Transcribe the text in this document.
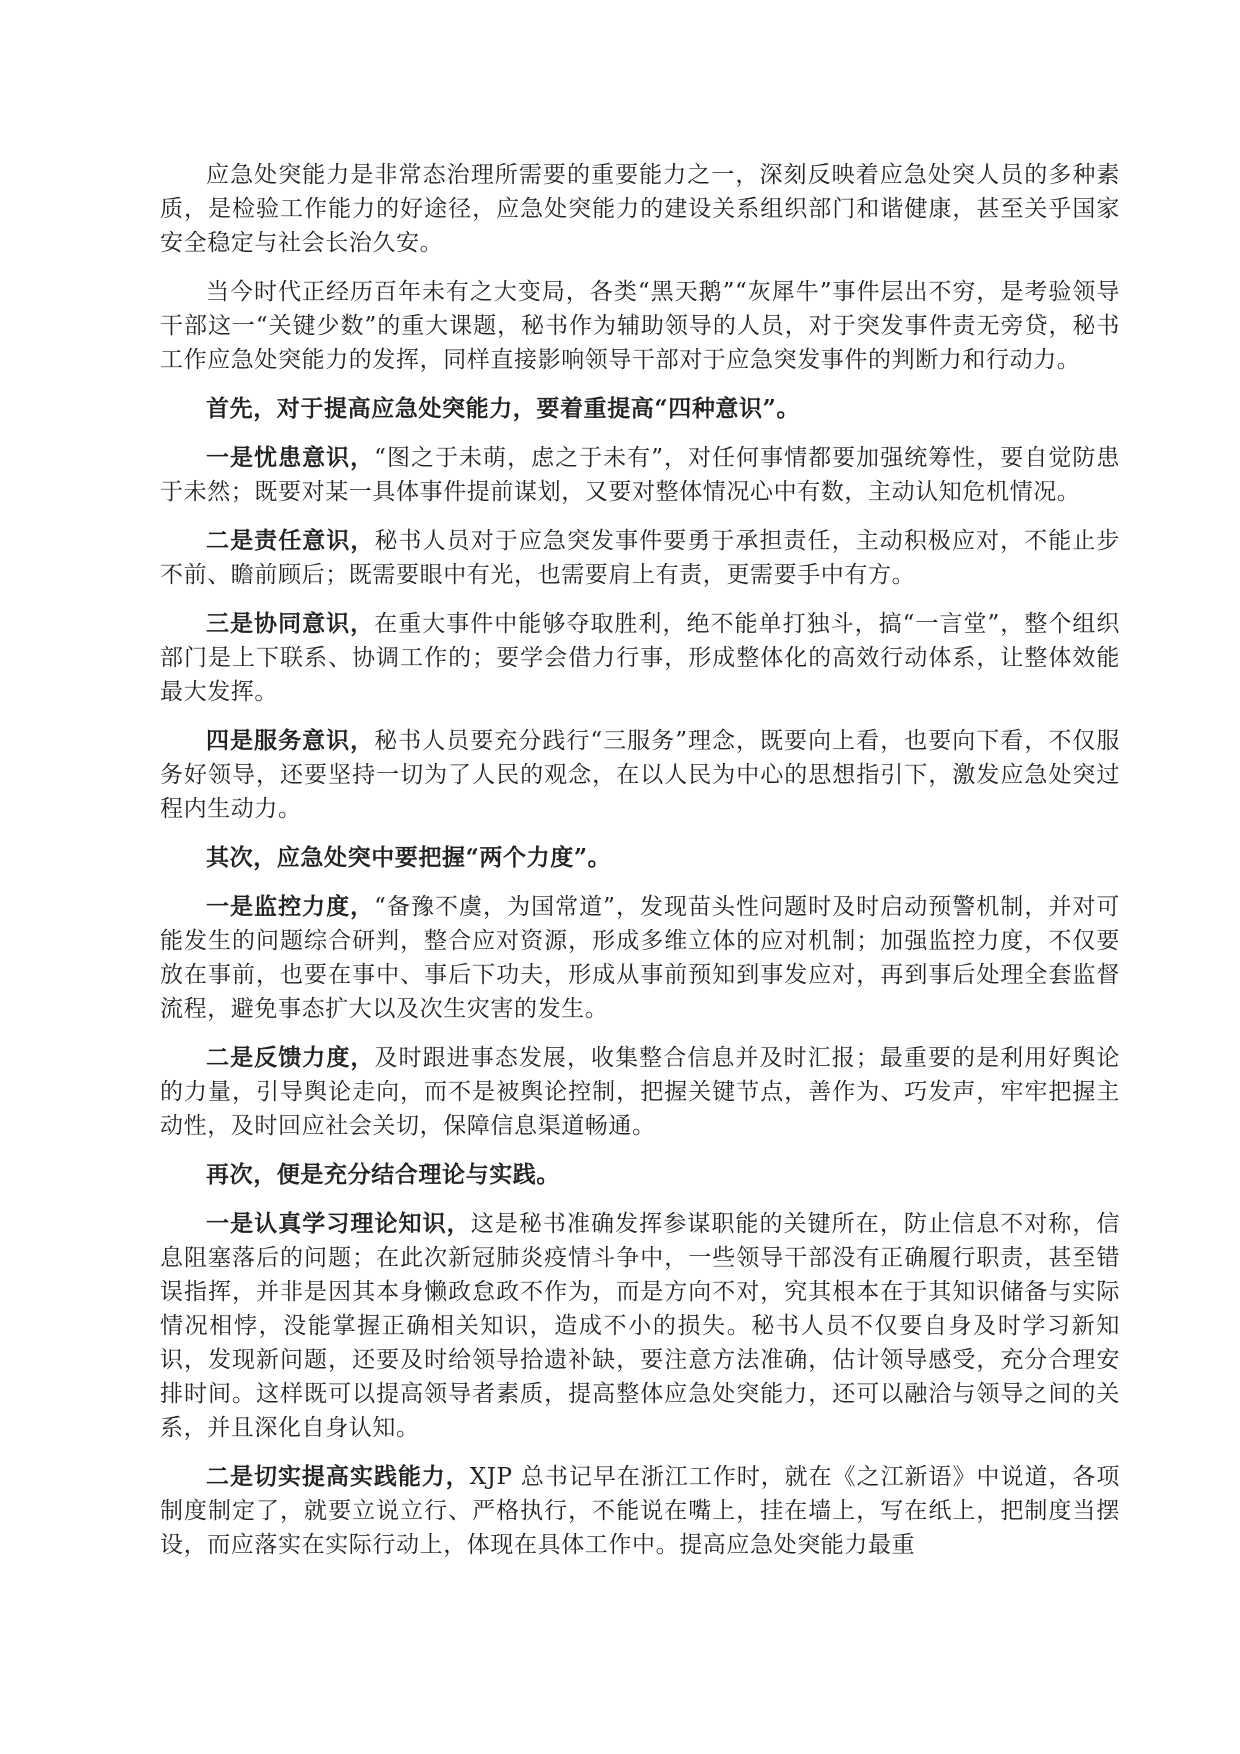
应急处突能力是非常态治理所需要的重要能力之一，深刻反映着应急处突人员的多种素质，是检验工作能力的好途径，应急处突能力的建设关系组织部门和谐健康，甚至关乎国家安全稳定与社会长治久安。

当今时代正经历百年未有之大变局，各类“黑天鹅”“灰犀牛”事件层出不穷，是考验领导干部这一“关键少数”的重大课题，秘书作为辅助领导的人员，对于突发事件责无旁贷，秘书工作应急处突能力的发挥，同样直接影响领导干部对于应急突发事件的判断力和行动力。

首先，对于提高应急处突能力，要着重提高“四种意识”。

一是忧患意识，“图之于未萌，虑之于未有”，对任何事情都要加强统筹性，要自觉防患于未然；既要对某一具体事件提前谋划，又要对整体情况心中有数，主动认知危机情况。

二是责任意识，秘书人员对于应急突发事件要勇于承担责任，主动积极应对，不能止步不前、瞻前顾后；既需要眼中有光，也需要肩上有责，更需要手中有方。

三是协同意识，在重大事件中能够夺取胜利，绝不能单打独斗，搞“一言堂”，整个组织部门是上下联系、协调工作的；要学会借力行事，形成整体化的高效行动体系，让整体效能最大发挥。

四是服务意识，秘书人员要充分践行“三服务”理念，既要向上看，也要向下看，不仅服务好领导，还要坚持一切为了人民的观念，在以人民为中心的思想指引下，激发应急处突过程内生动力。

其次，应急处突中要把握“两个力度”。

一是监控力度，“备豫不虞，为国常道”，发现苗头性问题时及时启动预警机制，并对可能发生的问题综合研判，整合应对资源，形成多维立体的应对机制；加强监控力度，不仅要放在事前，也要在事中、事后下功夫，形成从事前预知到事发应对，再到事后处理全套监督流程，避免事态扩大以及次生灾害的发生。

二是反馈力度，及时跟进事态发展，收集整合信息并及时汇报；最重要的是利用好舆论的力量，引导舆论走向，而不是被舆论控制，把握关键节点，善作为、巧发声，牢牢把握主动性，及时回应社会关切，保障信息渠道畅通。

再次，便是充分结合理论与实践。

一是认真学习理论知识，这是秘书准确发挥参谋职能的关键所在，防止信息不对称，信息阻塞落后的问题；在此次新冠肺炎疫情斗争中，一些领导干部没有正确履行职责，甚至错误指挥，并非是因其本身懒政怠政不作为，而是方向不对，究其根本在于其知识储备与实际情况相悖，没能掌握正确相关知识，造成不小的损失。秘书人员不仅要自身及时学习新知识，发现新问题，还要及时给领导拾遗补缺，要注意方法准确，估计领导感受，充分合理安排时间。这样既可以提高领导者素质，提高整体应急处突能力，还可以融洽与领导之间的关系，并且深化自身认知。

二是切实提高实践能力，XJP 总书记早在浙江工作时，就在《之江新语》中说道，各项制度制定了，就要立说立行、严格执行，不能说在嘴上，挂在墙上，写在纸上，把制度当摆设，而应落实在实际行动上，体现在具体工作中。提高应急处突能力最重
